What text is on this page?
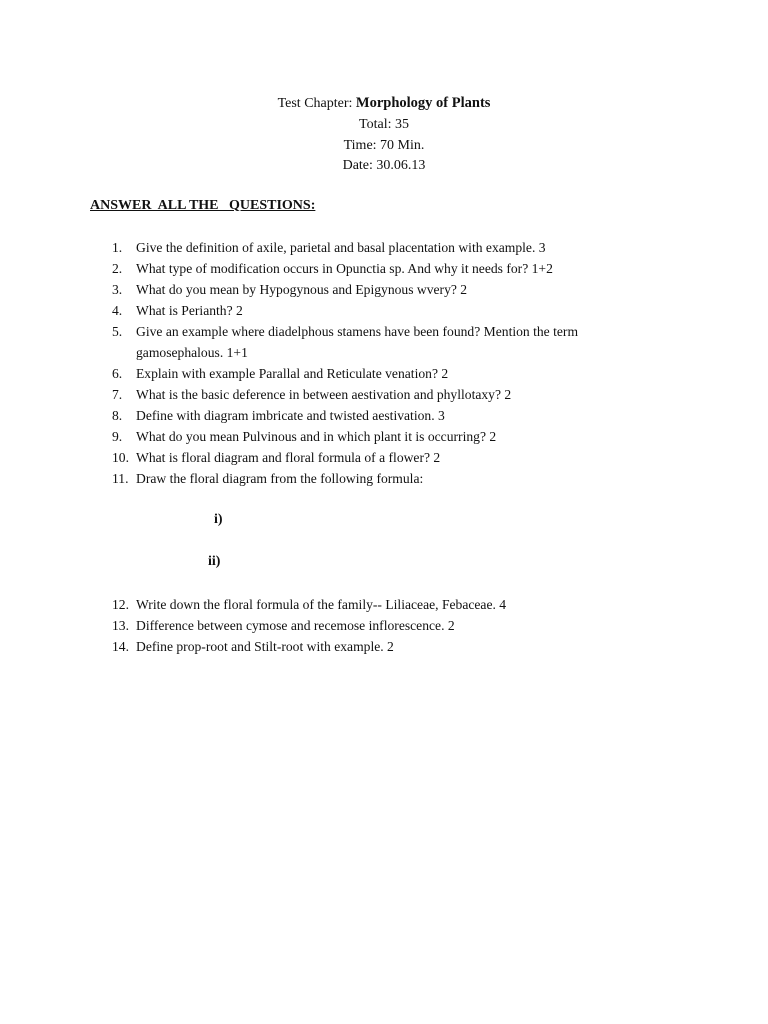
Test Chapter: Morphology of Plants
Total: 35
Time: 70 Min.
Date: 30.06.13
ANSWER  ALL THE   QUESTIONS:
1.	Give the definition of axile, parietal and basal placentation with example. 3
2.	What type of modification occurs in Opunctia sp. And why it needs for? 1+2
3.	What do you mean by Hypogynous and Epigynous wvery? 2
4.	What is Perianth? 2
5.	Give an example where diadelphous stamens have been found? Mention the term
gamosephalous. 1+1
6.	Explain with example Parallal and Reticulate venation? 2
7.	What is the basic deference in between aestivation and phyllotaxy? 2
8.	Define with diagram imbricate and twisted aestivation. 3
9.	What do you mean Pulvinous and in which plant it is occurring? 2
10. What is floral diagram and floral formula of a flower? 2
11. Draw the floral diagram from the following formula:
i)
ii)
12. Write down the floral formula of the family-- Liliaceae, Febaceae. 4
13. Difference between cymose and recemose inflorescence. 2
14. Define prop-root and Stilt-root with example. 2
